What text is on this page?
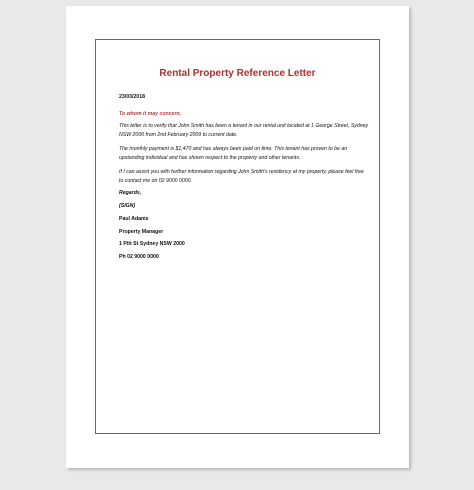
Rental Property Reference Letter
23/03/2018
To whom it may concern,
This letter is to verify that John Smith has been a tenant in our rental unit located at 1 George Street, Sydney NSW 2000 from 2nd February 2009 to current date.
The monthly payment is $1,470 and has always been paid on time. This tenant has proven to be an upstanding individual and has shown respect to the property and other tenants.
If I can assist you with further information regarding John Smith's residency at my property, please feel free to contact me on 02 9000 0000.
Regards,
(SIGN)
Paul Adams
Property Manager
1 Pitt St Sydney NSW 2000
Ph 02 9000 0000
